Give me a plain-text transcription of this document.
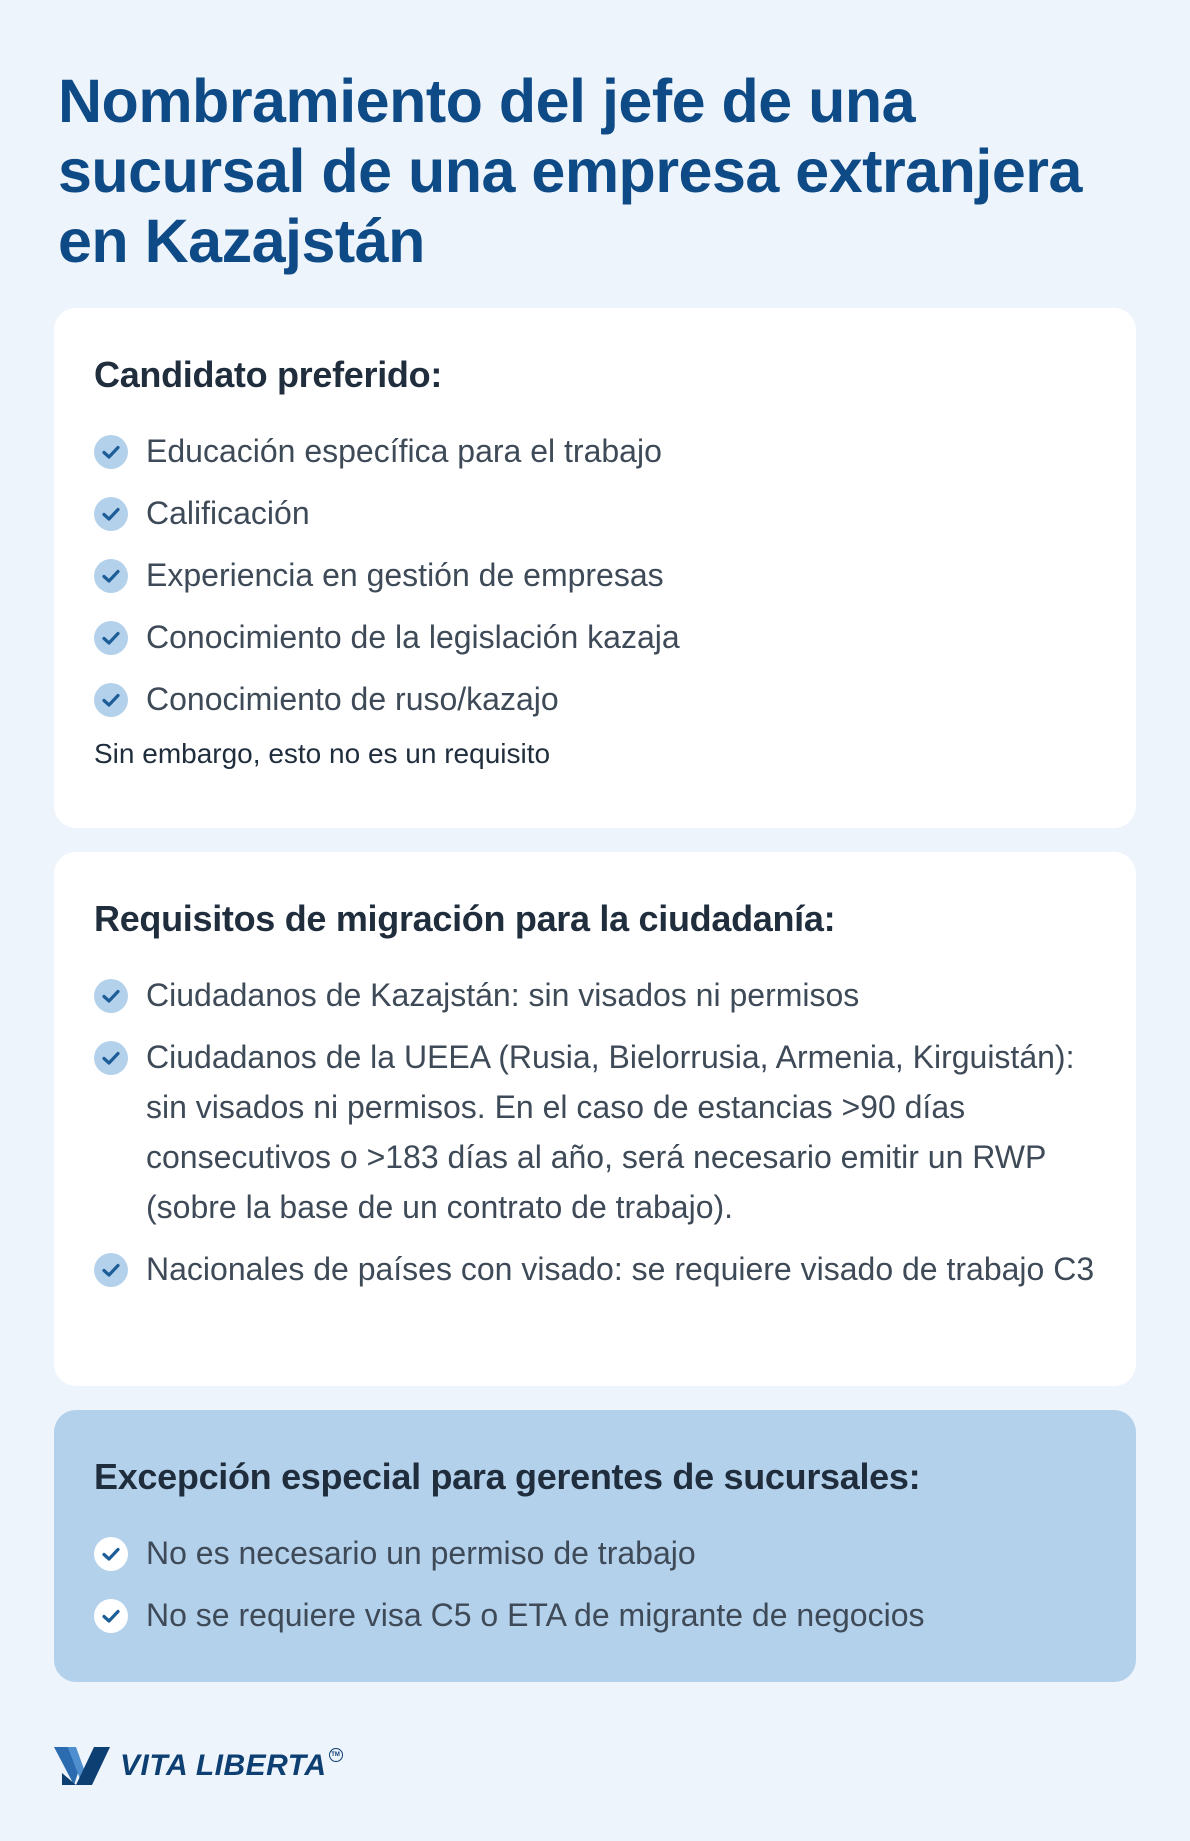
Nombramiento del jefe de una sucursal de una empresa extranjera en Kazajstán
Candidato preferido:
Educación específica para el trabajo
Calificación
Experiencia en gestión de empresas
Conocimiento de la legislación kazaja
Conocimiento de ruso/kazajo

Sin embargo, esto no es un requisito

Requisitos de migración para la ciudadanía:
Ciudadanos de Kazajstán: sin visados ni permisos
Ciudadanos de la UEEA (Rusia, Bielorrusia, Armenia, Kirguistán): sin visados ni permisos. En el caso de estancias >90 días consecutivos o >183 días al año, será necesario emitir un RWP (sobre la base de un contrato de trabajo).
Nacionales de países con visado: se requiere visado de trabajo C3
Excepción especial para gerentes de sucursales:
No es necesario un permiso de trabajo
No se requiere visa C5 o ETA de migrante de negocios
VITA LIBERTA TM
